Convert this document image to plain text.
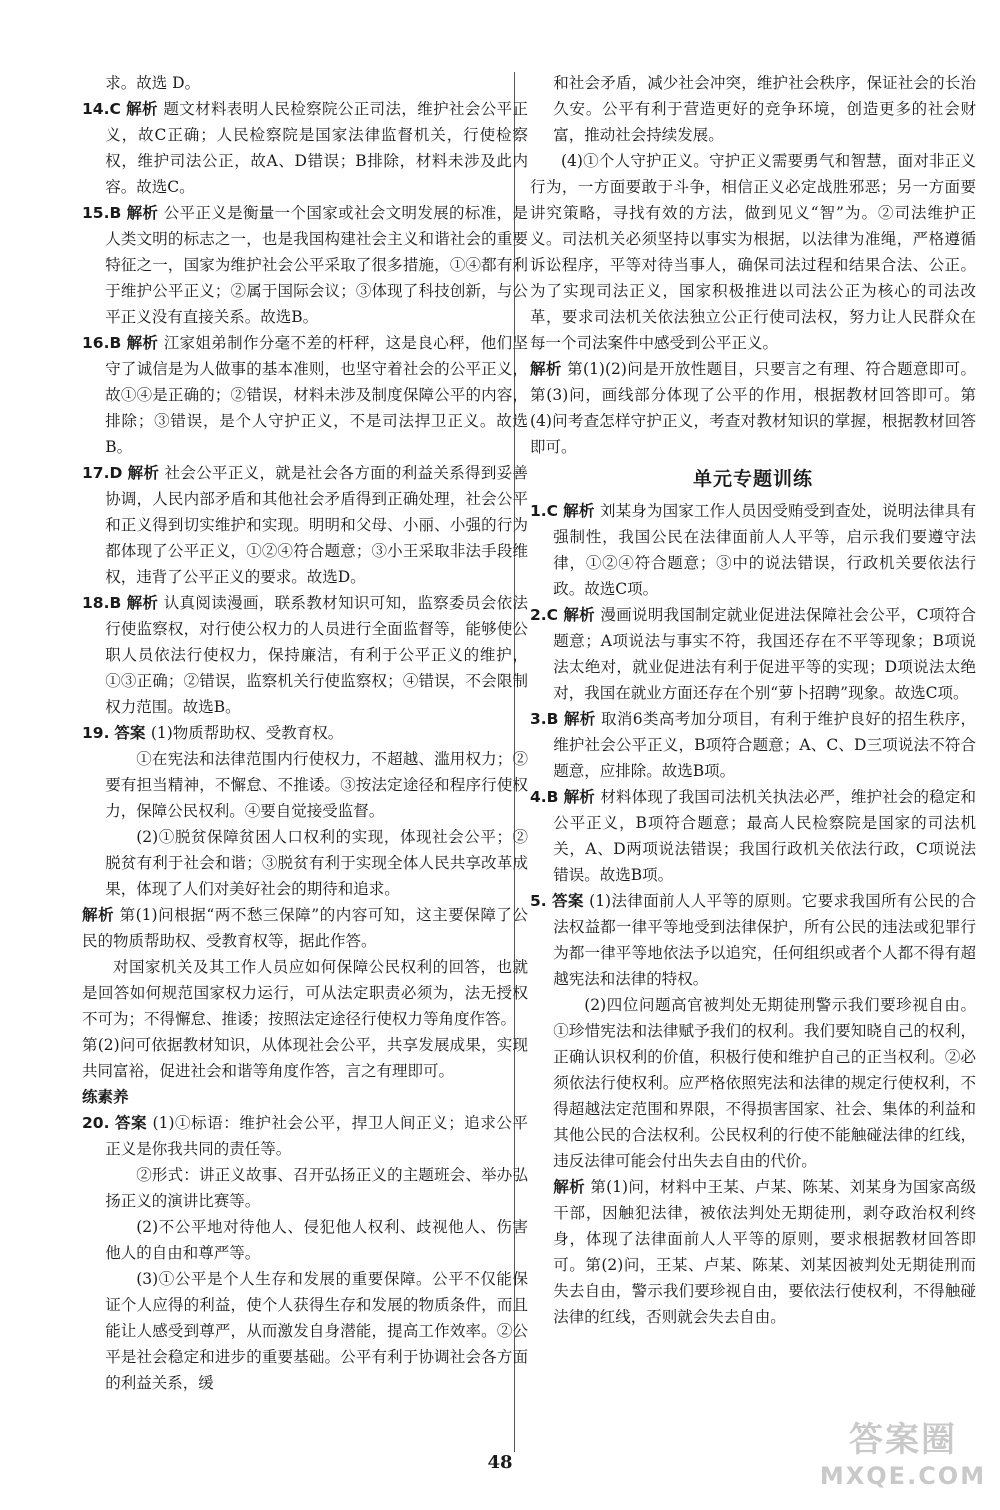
求。故选 D。

14.C 解析 题文材料表明人民检察院公正司法，维护社会公平正义，故C正确；人民检察院是国家法律监督机关，行使检察权，维护司法公正，故A、D错误；B排除，材料未涉及此内容。故选C。

15.B 解析 公平正义是衡量一个国家或社会文明发展的标准，是人类文明的标志之一，也是我国构建社会主义和谐社会的重要特征之一，国家为维护社会公平采取了很多措施，①④都有利于维护公平正义；②属于国际会议；③体现了科技创新，与公平正义没有直接关系。故选B。

16.B 解析 江家姐弟制作分毫不差的杆秤，这是良心秤，他们坚守了诚信是为人做事的基本准则，也坚守着社会的公平正义，故①④是正确的；②错误，材料未涉及制度保障公平的内容，排除；③错误，是个人守护正义，不是司法捍卫正义。故选B。

17.D 解析 社会公平正义，就是社会各方面的利益关系得到妥善协调，人民内部矛盾和其他社会矛盾得到正确处理，社会公平和正义得到切实维护和实现。明明和父母、小丽、小强的行为都体现了公平正义，①②④符合题意；③小王采取非法手段维权，违背了公平正义的要求。故选D。

18.B 解析 认真阅读漫画，联系教材知识可知，监察委员会依法行使监察权，对行使公权力的人员进行全面监督等，能够使公职人员依法行使权力，保持廉洁，有利于公平正义的维护，①③正确；②错误，监察机关行使监察权；④错误，不会限制权力范围。故选B。

19. 答案 (1)物质帮助权、受教育权。

①在宪法和法律范围内行使权力，不超越、滥用权力；②要有担当精神，不懈怠、不推诿。③按法定途径和程序行使权力，保障公民权利。④要自觉接受监督。

(2)①脱贫保障贫困人口权利的实现，体现社会公平；②脱贫有利于社会和谐；③脱贫有利于实现全体人民共享改革成果，体现了人们对美好社会的期待和追求。

解析 第(1)问根据“两不愁三保障”的内容可知，这主要保障了公民的物质帮助权、受教育权等，据此作答。

对国家机关及其工作人员应如何保障公民权利的回答，也就是回答如何规范国家权力运行，可从法定职责必须为，法无授权不可为；不得懈怠、推诿；按照法定途径行使权力等角度作答。

第(2)问可依据教材知识，从体现社会公平，共享发展成果，实现共同富裕，促进社会和谐等角度作答，言之有理即可。

练素养

20. 答案 (1)①标语：维护社会公平，捍卫人间正义；追求公平正义是你我共同的责任等。

②形式：讲正义故事、召开弘扬正义的主题班会、举办弘扬正义的演讲比赛等。

(2)不公平地对待他人、侵犯他人权利、歧视他人、伤害他人的自由和尊严等。

(3)①公平是个人生存和发展的重要保障。公平不仅能保证个人应得的利益，使个人获得生存和发展的物质条件，而且能让人感受到尊严，从而激发自身潜能，提高工作效率。②公平是社会稳定和进步的重要基础。公平有利于协调社会各方面的利益关系，缓

和社会矛盾，减少社会冲突，维护社会秩序，保证社会的长治久安。公平有利于营造更好的竞争环境，创造更多的社会财富，推动社会持续发展。

(4)①个人守护正义。守护正义需要勇气和智慧，面对非正义行为，一方面要敢于斗争，相信正义必定战胜邪恶；另一方面要讲究策略，寻找有效的方法，做到见义“智”为。②司法维护正义。司法机关必须坚持以事实为根据，以法律为准绳，严格遵循诉讼程序，平等对待当事人，确保司法过程和结果合法、公正。为了实现司法正义，国家积极推进以司法公正为核心的司法改革，要求司法机关依法独立公正行使司法权，努力让人民群众在每一个司法案件中感受到公平正义。

解析 第(1)(2)问是开放性题目，只要言之有理、符合题意即可。第(3)问，画线部分体现了公平的作用，根据教材回答即可。第(4)问考查怎样守护正义，考查对教材知识的掌握，根据教材回答即可。

单元专题训练

1.C 解析 刘某身为国家工作人员因受贿受到查处，说明法律具有强制性，我国公民在法律面前人人平等，启示我们要遵守法律，①②④符合题意；③中的说法错误，行政机关要依法行政。故选C项。

2.C 解析 漫画说明我国制定就业促进法保障社会公平，C项符合题意；A项说法与事实不符，我国还存在不平等现象；B项说法太绝对，就业促进法有利于促进平等的实现；D项说法太绝对，我国在就业方面还存在个别“萝卜招聘”现象。故选C项。

3.B 解析 取消6类高考加分项目，有利于维护良好的招生秩序，维护社会公平正义，B项符合题意；A、C、D三项说法不符合题意，应排除。故选B项。

4.B 解析 材料体现了我国司法机关执法必严，维护社会的稳定和公平正义，B项符合题意；最高人民检察院是国家的司法机关，A、D两项说法错误；我国行政机关依法行政，C项说法错误。故选B项。

5. 答案 (1)法律面前人人平等的原则。它要求我国所有公民的合法权益都一律平等地受到法律保护，所有公民的违法或犯罪行为都一律平等地依法予以追究，任何组织或者个人都不得有超越宪法和法律的特权。

(2)四位问题高官被判处无期徒刑警示我们要珍视自由。①珍惜宪法和法律赋予我们的权利。我们要知晓自己的权利，正确认识权利的价值，积极行使和维护自己的正当权利。②必须依法行使权利。应严格依照宪法和法律的规定行使权利，不得超越法定范围和界限，不得损害国家、社会、集体的利益和其他公民的合法权利。公民权利的行使不能触碰法律的红线，违反法律可能会付出失去自由的代价。

解析 第(1)问，材料中王某、卢某、陈某、刘某身为国家高级干部，因触犯法律，被依法判处无期徒刑，剥夺政治权利终身，体现了法律面前人人平等的原则，要求根据教材回答即可。第(2)问，王某、卢某、陈某、刘某因被判处无期徒刑而失去自由，警示我们要珍视自由，要依法行使权利，不得触碰法律的红线，否则就会失去自由。

48
答案圈
MXQE.COM
